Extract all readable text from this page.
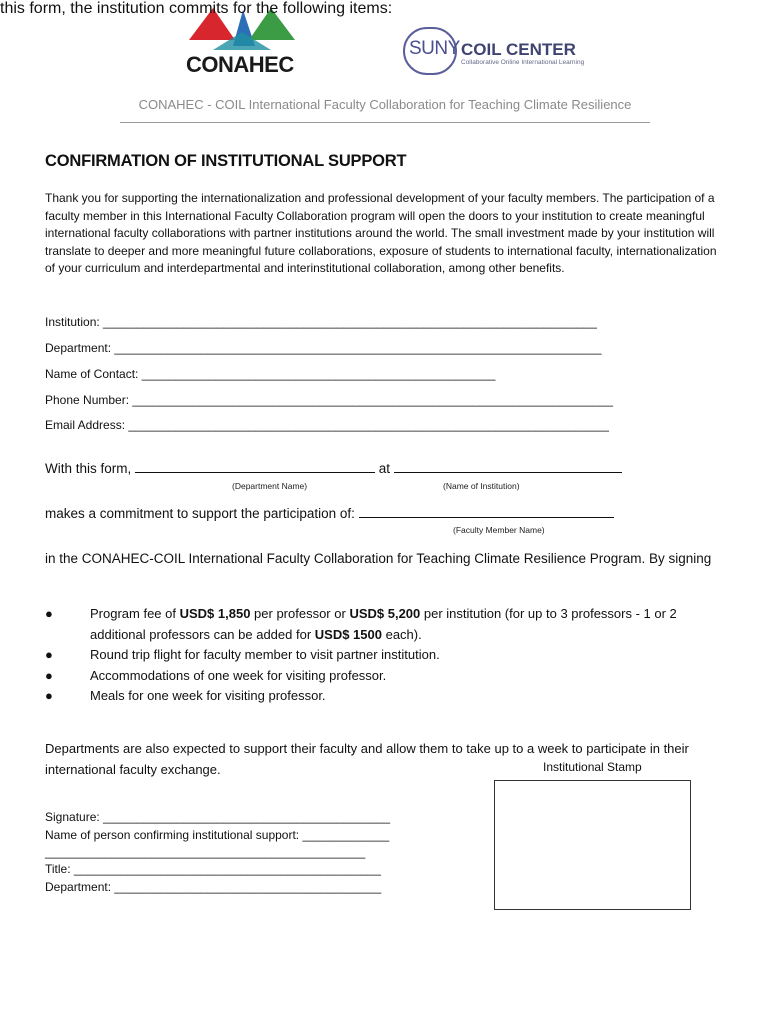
CONAHEC
SUNY COIL CENTER
Collaborative Online International Learning
CONAHEC - COIL International Faculty Collaboration for Teaching Climate Resilience
CONFIRMATION OF INSTITUTIONAL SUPPORT
Thank you for supporting the internationalization and professional development of your faculty members. The participation of a faculty member in this International Faculty Collaboration program will open the doors to your institution to create meaningful international faculty collaborations with partner institutions around the world. The small investment made by your institution will translate to deeper and more meaningful future collaborations, exposure of students to international faculty, internationalization of your curriculum and interdepartmental and interinstitutional collaboration, among other benefits.
Institution: __________________________________________________________________________
Department: _________________________________________________________________________
Name of Contact: _____________________________________________________
Phone Number: ________________________________________________________________________
Email Address: ________________________________________________________________________
With this form,	at
(Department Name)	(Name of Institution)
makes a commitment to support the participation of:
(Faculty Member Name)
in the CONAHEC-COIL International Faculty Collaboration for Teaching Climate Resilience Program. By signing
this form, the institution commits for the following items:
●	Program fee of USD$ 1,850 per professor or USD$ 5,200 per institution (for up to 3 professors - 1 or 2 additional professors can be added for USD$ 1500 each).
●	Round trip flight for faculty member to visit partner institution.
●	Accommodations of one week for visiting professor.
●	Meals for one week for visiting professor.
Departments are also expected to support their faculty and allow them to take up to a week to participate in their international faculty exchange.	Institutional Stamp
Signature: ___________________________________________
Name of person confirming institutional support: _____________
________________________________________________
Title: ______________________________________________
Department: ________________________________________
